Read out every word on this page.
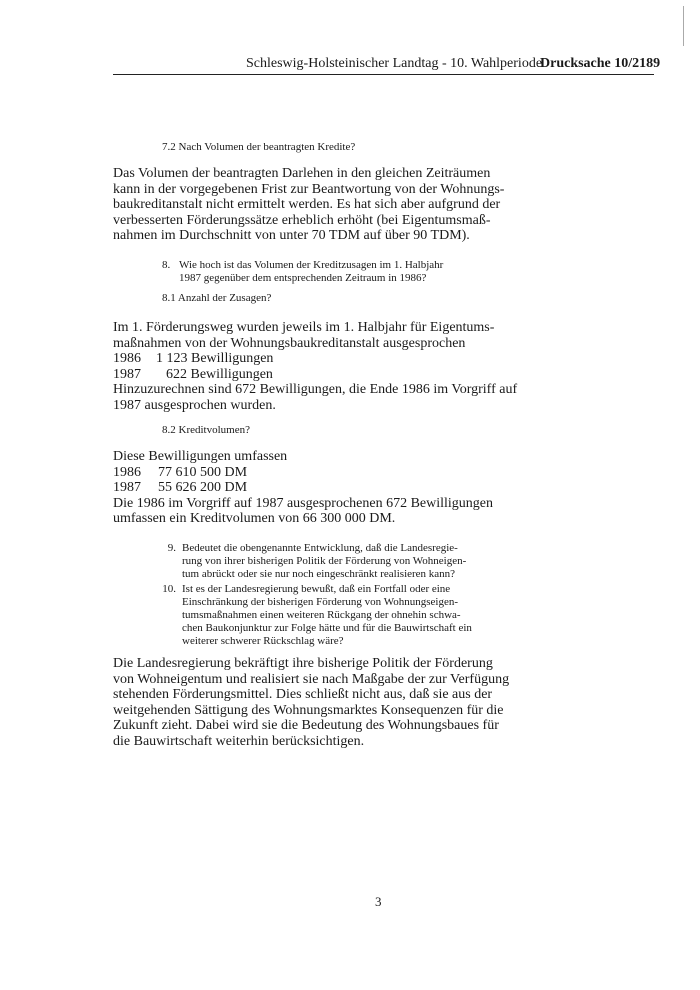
Schleswig-Holsteinischer Landtag - 10. Wahlperiode
Drucksache 10/2189
7.2 Nach Volumen der beantragten Kredite?
Das Volumen der beantragten Darlehen in den gleichen Zeiträumen
kann in der vorgegebenen Frist zur Beantwortung von der Wohnungs-
baukreditanstalt nicht ermittelt werden. Es hat sich aber aufgrund der
verbesserten Förderungssätze erheblich erhöht (bei Eigentumsmaß-
nahmen im Durchschnitt von unter 70 TDM auf über 90 TDM).
8. Wie hoch ist das Volumen der Kreditzusagen im 1. Halbjahr
1987 gegenüber dem entsprechenden Zeitraum in 1986?
8.1 Anzahl der Zusagen?
Im 1. Förderungsweg wurden jeweils im 1. Halbjahr für Eigentums-
maßnahmen von der Wohnungsbaukreditanstalt ausgesprochen
1986	1 123 Bewilligungen
1987	622 Bewilligungen
Hinzuzurechnen sind 672 Bewilligungen, die Ende 1986 im Vorgriff auf
1987 ausgesprochen wurden.
8.2 Kreditvolumen?
Diese Bewilligungen umfassen
1986	77 610 500 DM
1987	55 626 200 DM
Die 1986 im Vorgriff auf 1987 ausgesprochenen 672 Bewilligungen
umfassen ein Kreditvolumen von 66 300 000 DM.
9. Bedeutet die obengenannte Entwicklung, daß die Landesregie-
rung von ihrer bisherigen Politik der Förderung von Wohneigen-
tum abrückt oder sie nur noch eingeschränkt realisieren kann?
10. Ist es der Landesregierung bewußt, daß ein Fortfall oder eine
Einschränkung der bisherigen Förderung von Wohnungseigen-
tumsmaßnahmen einen weiteren Rückgang der ohnehin schwa-
chen Baukonjunktur zur Folge hätte und für die Bauwirtschaft ein
weiterer schwerer Rückschlag wäre?
Die Landesregierung bekräftigt ihre bisherige Politik der Förderung
von Wohneigentum und realisiert sie nach Maßgabe der zur Verfügung
stehenden Förderungsmittel. Dies schließt nicht aus, daß sie aus der
weitgehenden Sättigung des Wohnungsmarktes Konsequenzen für die
Zukunft zieht. Dabei wird sie die Bedeutung des Wohnungsbaues für
die Bauwirtschaft weiterhin berücksichtigen.
3
